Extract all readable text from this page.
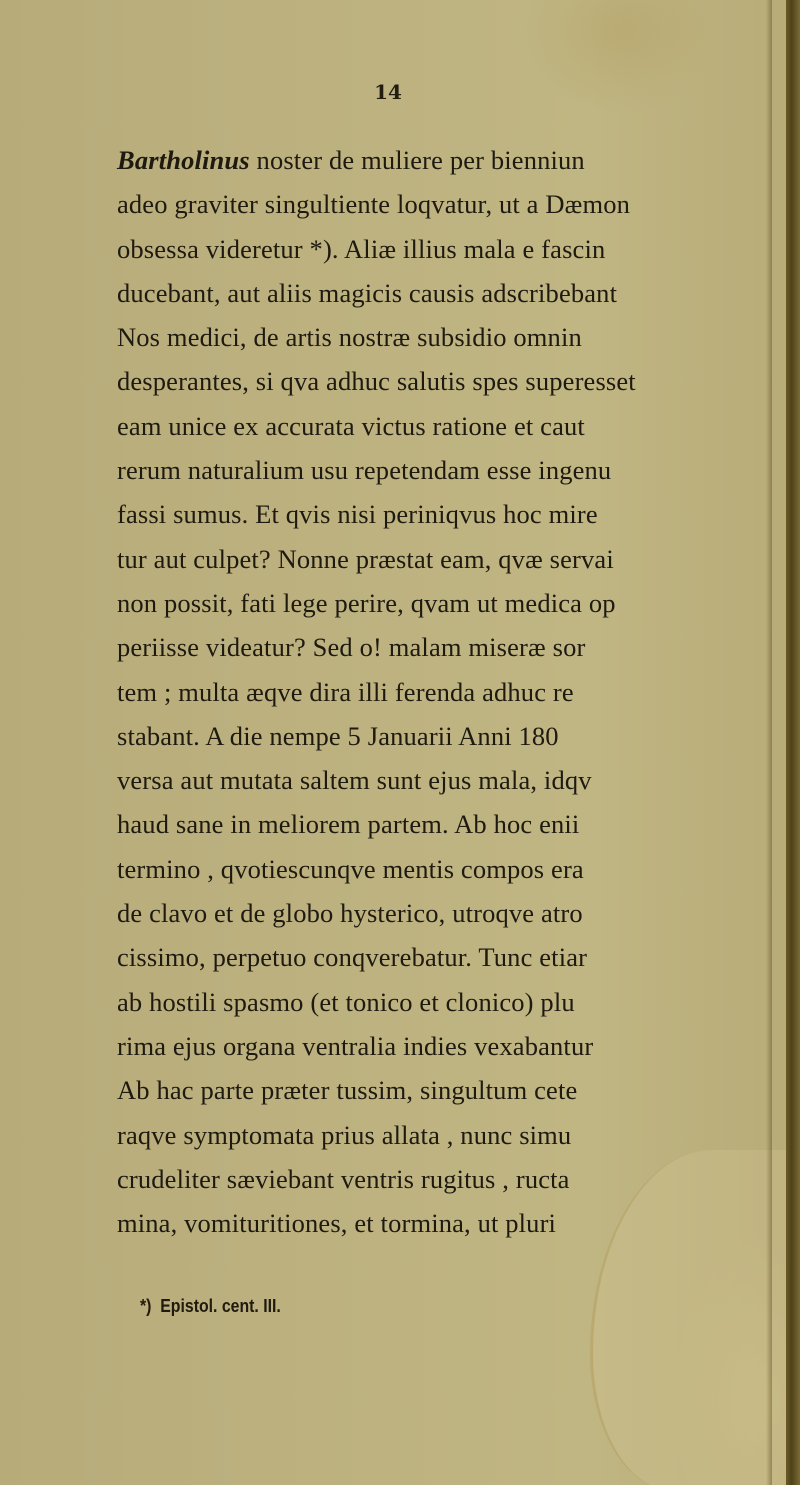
14
Bartholinus noster de muliere per bienniun
adeo graviter singultiente loqvatur, ut a Dæmon
obsessa videretur *). Aliæ illius mala e fascin
ducebant, aut aliis magicis causis adscribebant
Nos medici, de artis nostræ subsidio omnin
desperantes, si qva adhuc salutis spes superesset
eam unice ex accurata victus ratione et caut
rerum naturalium usu repetendam esse ingenu
fassi sumus. Et qvis nisi periniqvus hoc mire
tur aut culpet? Nonne præstat eam, qvæ servai
non possit, fati lege perire, qvam ut medica op
periisse videatur? Sed o! malam miseræ sor
tem ; multa æqve dira illi ferenda adhuc re
stabant. A die nempe 5 Januarii Anni 180
versa aut mutata saltem sunt ejus mala, idqv
haud sane in meliorem partem. Ab hoc enii
termino , qvotiescunqve mentis compos era
de clavo et de globo hysterico, utroqve atro
cissimo, perpetuo conqverebatur. Tunc etiar
ab hostili spasmo (et tonico et clonico) plu
rima ejus organa ventralia indies vexabantur
Ab hac parte præter tussim, singultum cete
raqve symptomata prius allata , nunc simu
crudeliter sæviebant ventris rugitus , ructa
mina, vomituritiones, et tormina, ut pluri
*) Epistol. cent. III.
